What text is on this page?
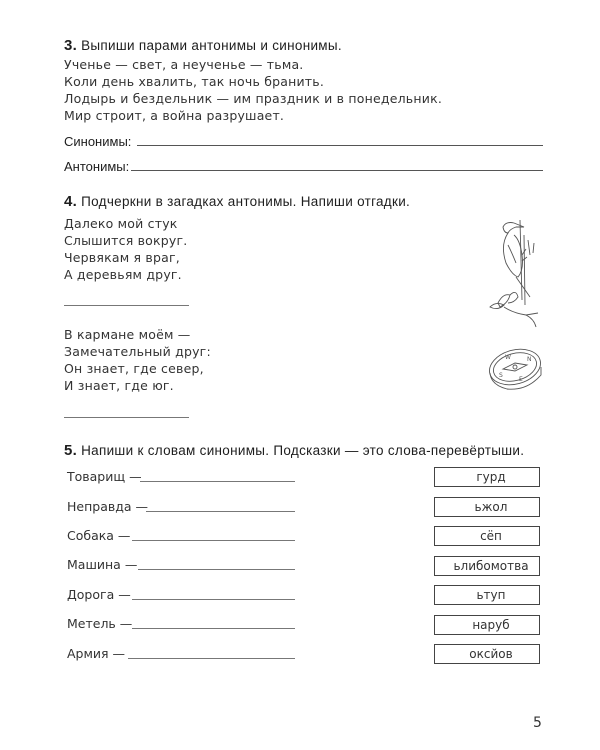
3. Выпиши парами антонимы и синонимы.
Ученье — свет, а неученье — тьма.
Коли день хвалить, так ночь бранить.
Лодырь и бездельник — им праздник и в понедельник.
Мир строит, а война разрушает.
Синонимы:
Антонимы:
4. Подчеркни в загадках антонимы. Напиши отгадки.
Далеко мой стук
Слышится вокруг.
Червякам я враг,
А деревьям друг.
В кармане моём —
Замечательный друг:
Он знает, где север,
И знает, где юг.
W	N
S
E
5. Напиши к словам синонимы. Подсказки — это слова-перевёртыши.
Товарищ —
Неправда —
Собака —
Машина —
Дорога —
Метель —
Армия —
гурд
ьжол
сёп
ьлибомотва
ьтуп
наруб
оксйов
5
